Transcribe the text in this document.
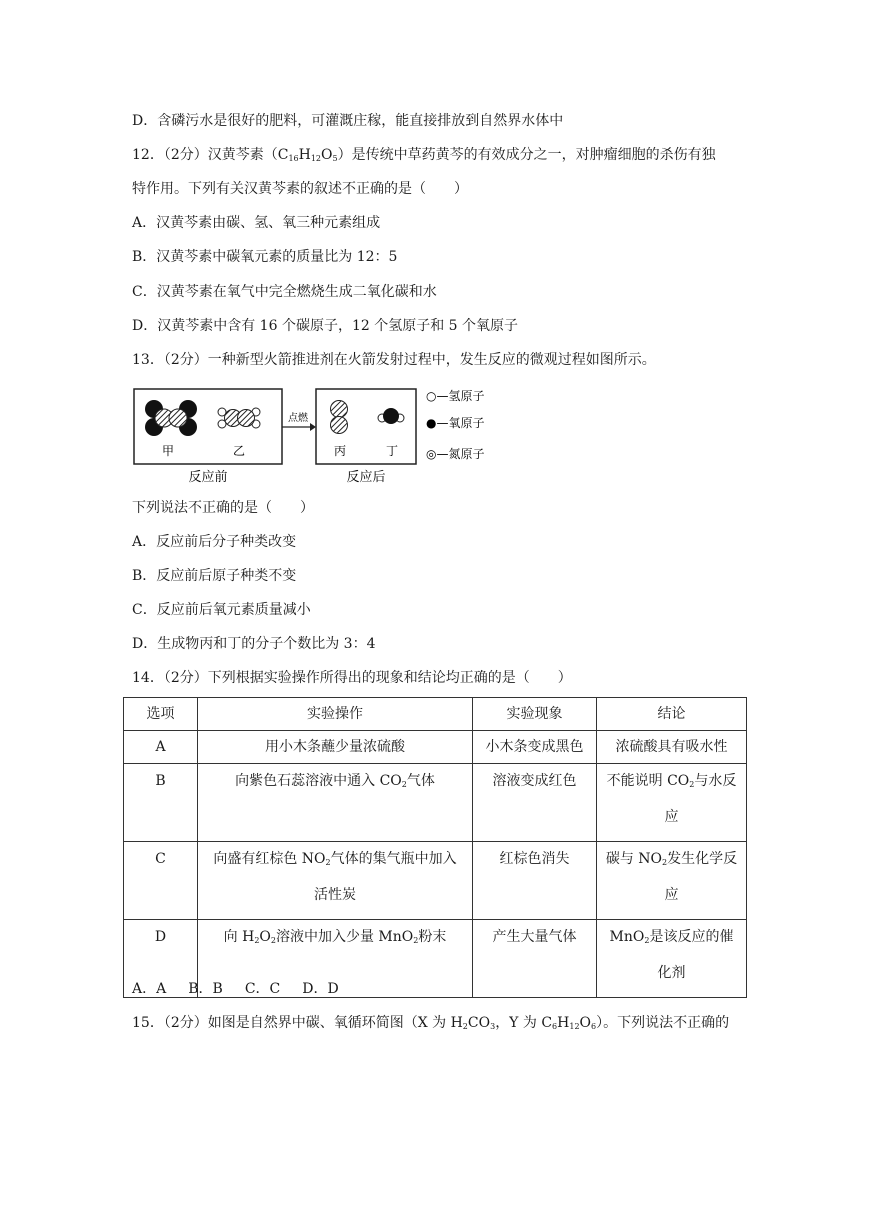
D．含磷污水是很好的肥料，可灌溉庄稼，能直接排放到自然界水体中
12．（2分）汉黄芩素$(C_{16}H_{12}O_5)$是传统中草药黄芩的有效成分之一，对肿瘤细胞的杀伤有独
特作用。下列有关汉黄芩素的叙述不正确的是（　　）
A．汉黄芩素由碳、氢、氧三种元素组成
B．汉黄芩素中碳氧元素的质量比为 12：5
C．汉黄芩素在氧气中完全燃烧生成二氧化碳和水
D．汉黄芩素中含有 16 个碳原子，12 个氢原子和 5 个氧原子
13．（2分）一种新型火箭推进剂在火箭发射过程中，发生反应的微观过程如图所示。
甲	乙
反应前
点燃
丙	丁
反应后
○—氢原子
●—氧原子
◎—氮原子
下列说法不正确的是（　　）
A．反应前后分子种类改变
B．反应前后原子种类不变
C．反应前后氧元素质量减小
D．生成物丙和丁的分子个数比为 3：4
14．（2分）下列根据实验操作所得出的现象和结论均正确的是（　　）
选项	实验操作	实验现象	结论
A	用小木条蘸少量浓硫酸	小木条变成黑色	浓硫酸具有吸水性
B	向紫色石蕊溶液中通入 $CO_2$气体	溶液变成红色	不能说明 $CO_2$与水反
应
C	向盛有红棕色 $NO_2$气体的集气瓶中加入
活性炭	红棕色消失	碳与 $NO_2$发生化学反
应
D	向 $H_2O_2$溶液中加入少量 MnO$_2$粉末	产生大量气体	MnO$_2$是该反应的催
化剂
A．A B．B C．C D．D
15．（2分）如图是自然界中碳、氧循环简图（X 为 $H_2CO_3$，Y 为 $C_6H_{12}O_6$）。下列说法不正确的
